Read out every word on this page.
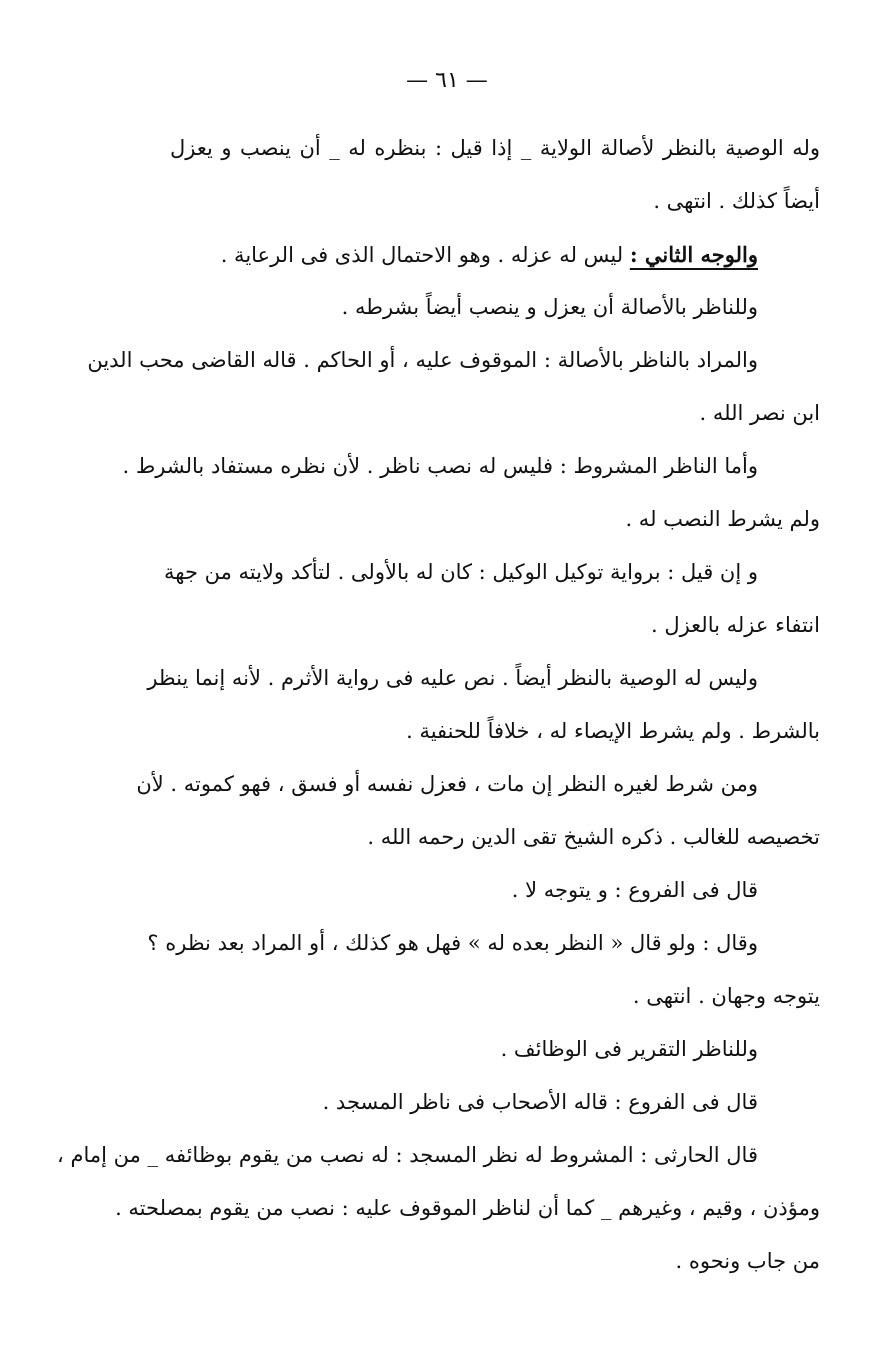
— ٦١ —
وله الوصية بالنظر لأصالة الولاية _ إذا قيل : بنظره له _ أن ينصب و يعزل
أيضاً كذلك . انتهى .
والوجه الثاني : ليس له عزله . وهو الاحتمال الذى فى الرعاية .
وللناظر بالأصالة أن يعزل و ينصب أيضاً بشرطه .
والمراد بالناظر بالأصالة : الموقوف عليه ، أو الحاكم . قاله القاضى محب الدين
ابن نصر الله .
وأما الناظر المشروط : فليس له نصب ناظر . لأن نظره مستفاد بالشرط .
ولم يشرط النصب له .
و إن قيل : برواية توكيل الوكيل : كان له بالأولى . لتأكد ولايته من جهة
انتفاء عزله بالعزل .
وليس له الوصية بالنظر أيضاً . نص عليه فى رواية الأثرم . لأنه إنما ينظر
بالشرط . ولم يشرط الإيصاء له ، خلافاً للحنفية .
ومن شرط لغيره النظر إن مات ، فعزل نفسه أو فسق ، فهو كموته . لأن
تخصيصه للغالب . ذكره الشيخ تقى الدين رحمه الله .
قال فى الفروع : و يتوجه لا .
وقال : ولو قال « النظر بعده له » فهل هو كذلك ، أو المراد بعد نظره ؟
يتوجه وجهان . انتهى .
وللناظر التقرير فى الوظائف .
قال فى الفروع : قاله الأصحاب فى ناظر المسجد .
قال الحارثى : المشروط له نظر المسجد : له نصب من يقوم بوظائفه _ من إمام ،
ومؤذن ، وقيم ، وغيرهم _ كما أن لناظر الموقوف عليه : نصب من يقوم بمصلحته .
من جاب ونحوه .
